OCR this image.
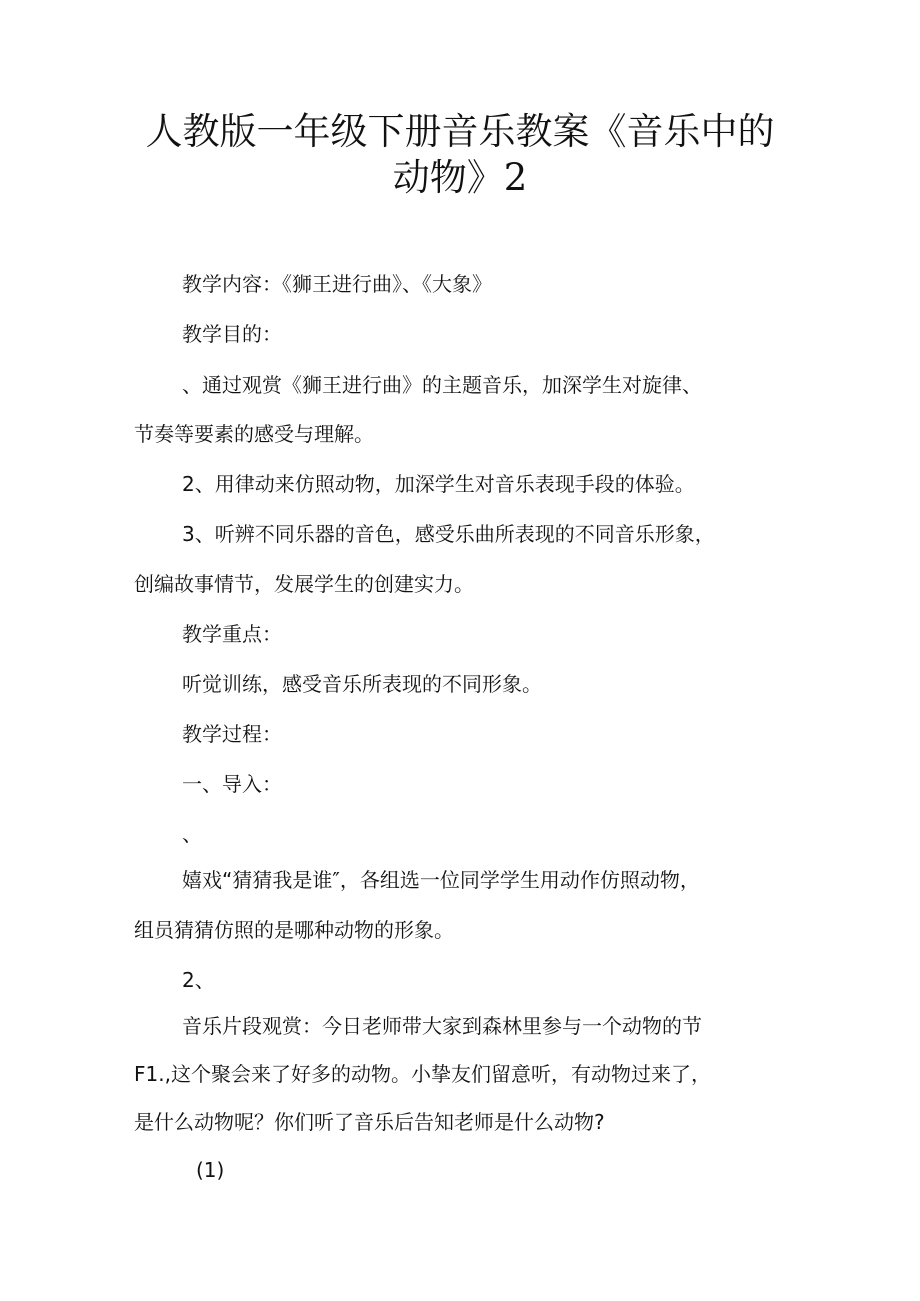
人教版一年级下册音乐教案《音乐中的
动物》2

教学内容：《狮王进行曲》、《大象》

教学目的：

、通过观赏《狮王进行曲》的主题音乐，加深学生对旋律、

节奏等要素的感受与理解。

2、用律动来仿照动物，加深学生对音乐表现手段的体验。

3、听辨不同乐器的音色，感受乐曲所表现的不同音乐形象，

创编故事情节，发展学生的创建实力。

教学重点：

听觉训练，感受音乐所表现的不同形象。

教学过程：

一、导入：

、

嬉戏“猜猜我是谁″，各组选一位同学学生用动作仿照动物，

组员猜猜仿照的是哪种动物的形象。

2、

音乐片段观赏：今日老师带大家到森林里参与一个动物的节

F1.,这个聚会来了好多的动物。小挚友们留意听，有动物过来了，

是什么动物呢？你们听了音乐后告知老师是什么动物?

(1)
